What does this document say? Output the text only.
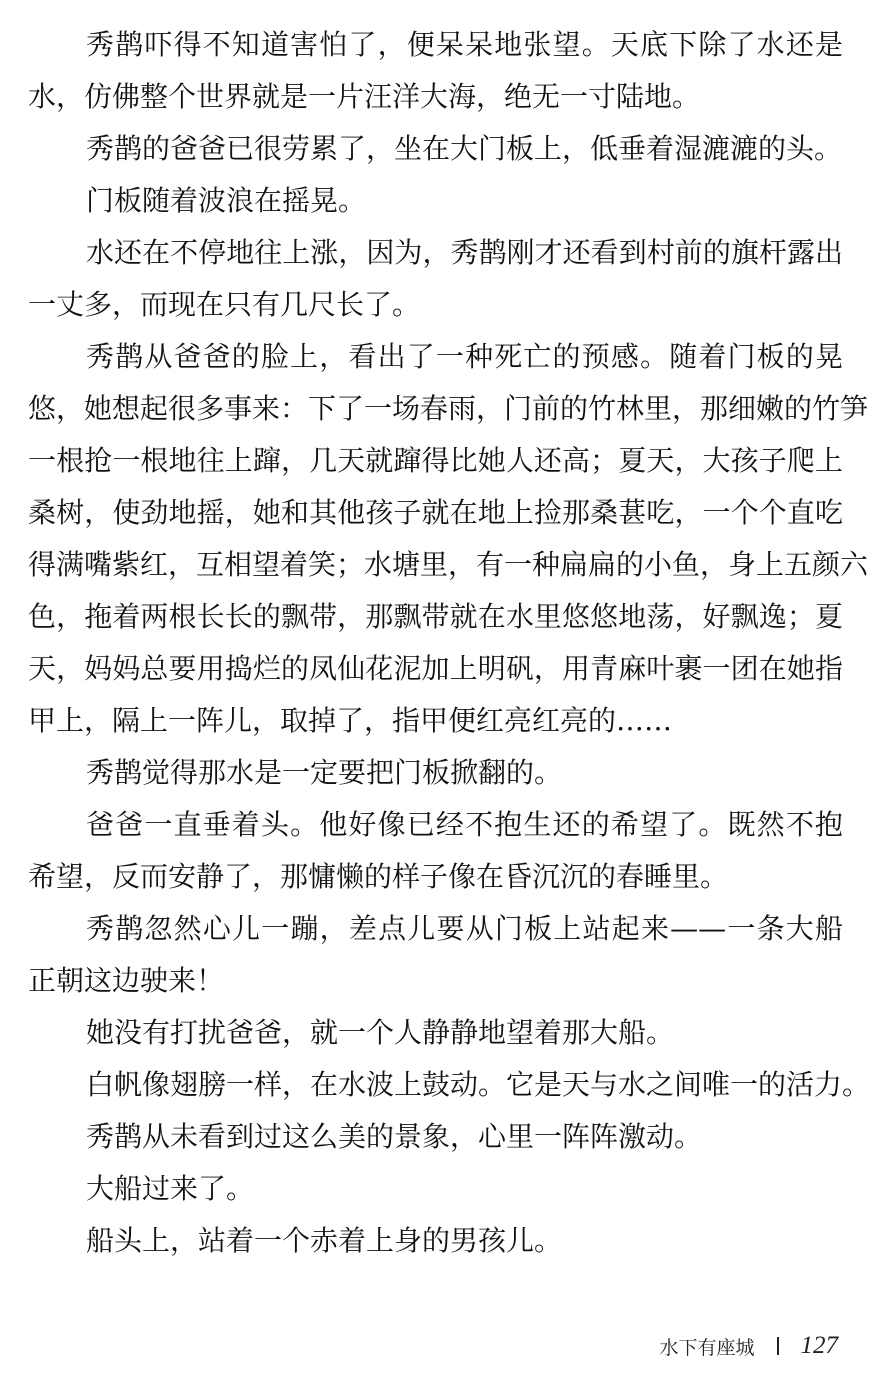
秀鹊吓得不知道害怕了，便呆呆地张望。天底下除了水还是
水，仿佛整个世界就是一片汪洋大海，绝无一寸陆地。
秀鹊的爸爸已很劳累了，坐在大门板上，低垂着湿漉漉的头。
门板随着波浪在摇晃。
水还在不停地往上涨，因为，秀鹊刚才还看到村前的旗杆露出
一丈多，而现在只有几尺长了。
秀鹊从爸爸的脸上，看出了一种死亡的预感。随着门板的晃
悠，她想起很多事来：下了一场春雨，门前的竹林里，那细嫩的竹笋
一根抢一根地往上蹿，几天就蹿得比她人还高；夏天，大孩子爬上
桑树，使劲地摇，她和其他孩子就在地上捡那桑葚吃，一个个直吃
得满嘴紫红，互相望着笑；水塘里，有一种扁扁的小鱼，身上五颜六
色，拖着两根长长的飘带，那飘带就在水里悠悠地荡，好飘逸；夏
天，妈妈总要用捣烂的凤仙花泥加上明矾，用青麻叶裹一团在她指
甲上，隔上一阵儿，取掉了，指甲便红亮红亮的……
秀鹊觉得那水是一定要把门板掀翻的。
爸爸一直垂着头。他好像已经不抱生还的希望了。既然不抱
希望，反而安静了，那慵懒的样子像在昏沉沉的春睡里。
秀鹊忽然心儿一蹦，差点儿要从门板上站起来——一条大船
正朝这边驶来！
她没有打扰爸爸，就一个人静静地望着那大船。
白帆像翅膀一样，在水波上鼓动。它是天与水之间唯一的活力。
秀鹊从未看到过这么美的景象，心里一阵阵激动。
大船过来了。
船头上，站着一个赤着上身的男孩儿。
水下有座城 127
